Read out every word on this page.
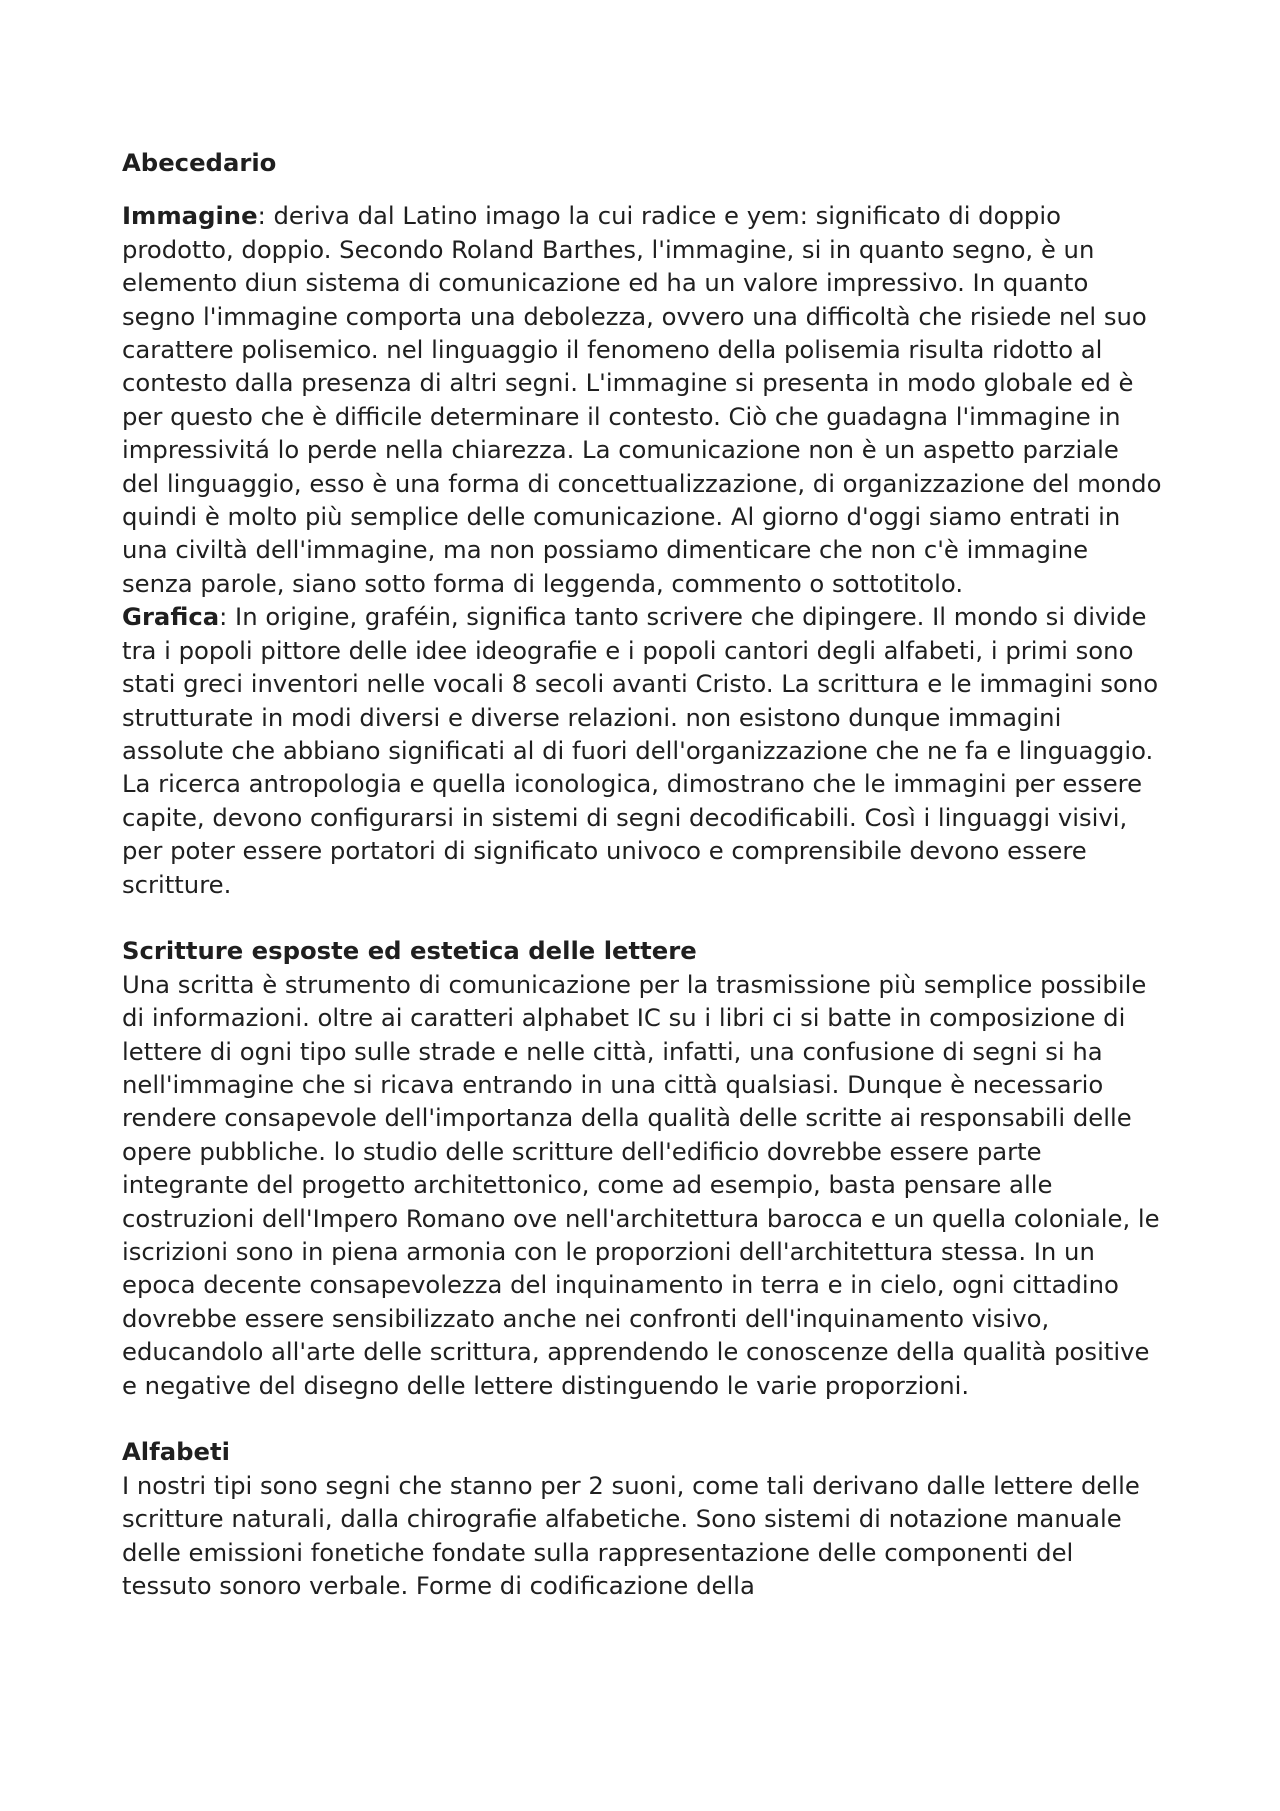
Abecedario

Immagine: deriva dal Latino imago la cui radice e yem: significato di doppio prodotto, doppio. Secondo Roland Barthes, l'immagine, si in quanto segno, è un elemento diun sistema di comunicazione ed ha un valore impressivo. In quanto segno l'immagine comporta una debolezza, ovvero una difficoltà che risiede nel suo carattere polisemico. nel linguaggio il fenomeno della polisemia risulta ridotto al contesto dalla presenza di altri segni. L'immagine si presenta in modo globale ed è per questo che è difficile determinare il contesto. Ciò che guadagna l'immagine in impressivitá lo perde nella chiarezza. La comunicazione non è un aspetto parziale del linguaggio, esso è una forma di concettualizzazione, di organizzazione del mondo quindi è molto più semplice delle comunicazione. Al giorno d'oggi siamo entrati in una civiltà dell'immagine, ma non possiamo dimenticare che non c'è immagine senza parole, siano sotto forma di leggenda, commento o sottotitolo.

Grafica: In origine, graféin, significa tanto scrivere che dipingere. Il mondo si divide tra i popoli pittore delle idee ideografie e i popoli cantori degli alfabeti, i primi sono stati greci inventori nelle vocali 8 secoli avanti Cristo. La scrittura e le immagini sono strutturate in modi diversi e diverse relazioni. non esistono dunque immagini assolute che abbiano significati al di fuori dell'organizzazione che ne fa e linguaggio. La ricerca antropologia e quella iconologica, dimostrano che le immagini per essere capite, devono configurarsi in sistemi di segni decodificabili. Così i linguaggi visivi, per poter essere portatori di significato univoco e comprensibile devono essere scritture.

Scritture esposte ed estetica delle lettere

Una scritta è strumento di comunicazione per la trasmissione più semplice possibile di informazioni. oltre ai caratteri alphabet IC su i libri ci si batte in composizione di lettere di ogni tipo sulle strade e nelle città, infatti, una confusione di segni si ha nell'immagine che si ricava entrando in una città qualsiasi. Dunque è necessario rendere consapevole dell'importanza della qualità delle scritte ai responsabili delle opere pubbliche. lo studio delle scritture dell'edificio dovrebbe essere parte integrante del progetto architettonico, come ad esempio, basta pensare alle costruzioni dell'Impero Romano ove nell'architettura barocca e un quella coloniale, le iscrizioni sono in piena armonia con le proporzioni dell'architettura stessa. In un epoca decente consapevolezza del inquinamento in terra e in cielo, ogni cittadino dovrebbe essere sensibilizzato anche nei confronti dell'inquinamento visivo, educandolo all'arte delle scrittura, apprendendo le conoscenze della qualità positive e negative del disegno delle lettere distinguendo le varie proporzioni.

Alfabeti

I nostri tipi sono segni che stanno per 2 suoni, come tali derivano dalle lettere delle scritture naturali, dalla chirografie alfabetiche. Sono sistemi di notazione manuale delle emissioni fonetiche fondate sulla rappresentazione delle componenti del tessuto sonoro verbale. Forme di codificazione della
